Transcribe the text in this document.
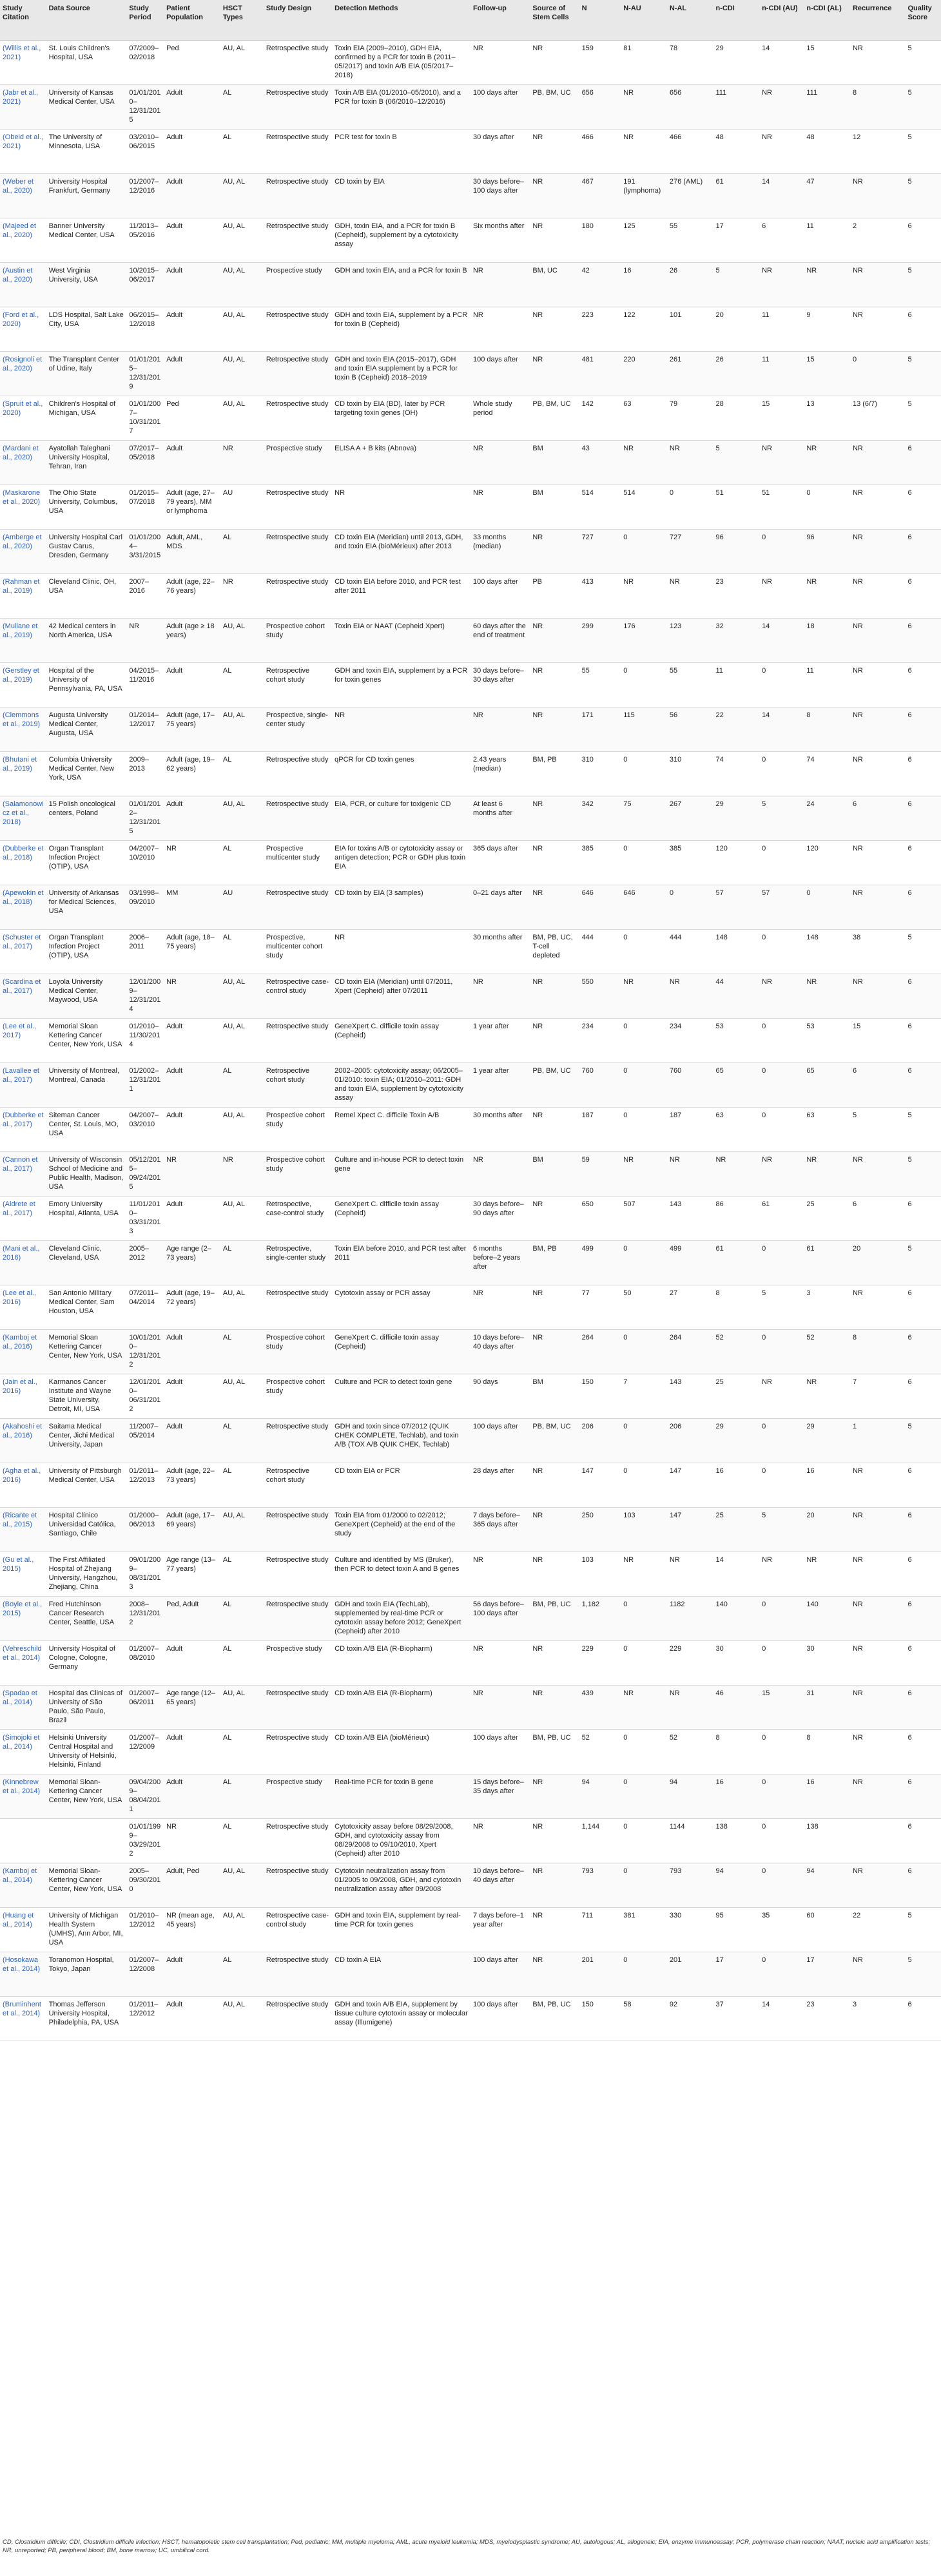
Study Citation	Data Source	Study Period	Patient Population	HSCT Types	Study Design	Detection Methods	Follow-up	Source of Stem Cells	N	N-AU	N-AL	n-CDI	n-CDI (AU)	n-CDI (AL)	Recurrence	Quality Score
(Willis et al., 2021)	St. Louis Children's Hospital, USA	07/2009–02/2018	Ped	AU, AL	Retrospective study	Toxin EIA (2009–2010), GDH EIA, confirmed by a PCR for toxin B (2011–05/2017) and toxin A/B EIA (05/2017–2018)	NR	NR	159	81	78	29	14	15	NR	5
(Jabr et al., 2021)	University of Kansas Medical Center, USA	01/01/2010–12/31/2015	Adult	AL	Retrospective study	Toxin A/B EIA (01/2010–05/2010), and a PCR for toxin B (06/2010–12/2016)	100 days after	PB, BM, UC	656	NR	656	111	NR	111	8	5
(Obeid et al., 2021)	The University of Minnesota, USA	03/2010–06/2015	Adult	AL	Retrospective study	PCR test for toxin B	30 days after	NR	466	NR	466	48	NR	48	12	5
(Weber et al., 2020)	University Hospital Frankfurt, Germany	01/2007–12/2016	Adult	AU, AL	Retrospective study	CD toxin by EIA	30 days before–100 days after	NR	467	191 (lymphoma)	276 (AML)	61	14	47	NR	5
(Majeed et al., 2020)	Banner University Medical Center, USA	11/2013–05/2016	Adult	AU, AL	Retrospective study	GDH, toxin EIA, and a PCR for toxin B (Cepheid), supplement by a cytotoxicity assay	Six months after	NR	180	125	55	17	6	11	2	6
(Austin et al., 2020)	West Virginia University, USA	10/2015–06/2017	Adult	AU, AL	Prospective study	GDH and toxin EIA, and a PCR for toxin B	NR	BM, UC	42	16	26	5	NR	NR	NR	5
(Ford et al., 2020)	LDS Hospital, Salt Lake City, USA	06/2015–12/2018	Adult	AU, AL	Retrospective study	GDH and toxin EIA, supplement by a PCR for toxin B (Cepheid)	NR	NR	223	122	101	20	11	9	NR	6
(Rosignoli et al., 2020)	The Transplant Center of Udine, Italy	01/01/2015–12/31/2019	Adult	AU, AL	Retrospective study	GDH and toxin EIA (2015–2017), GDH and toxin EIA supplement by a PCR for toxin B (Cepheid) 2018–2019	100 days after	NR	481	220	261	26	11	15	0	5
(Spruit et al., 2020)	Children's Hospital of Michigan, USA	01/01/2007–10/31/2017	Ped	AU, AL	Retrospective study	CD toxin by EIA (BD), later by PCR targeting toxin genes (OH)	Whole study period	PB, BM, UC	142	63	79	28	15	13	13 (6/7)	5
(Mardani et al., 2020)	Ayatollah Taleghani University Hospital, Tehran, Iran	07/2017–05/2018	Adult	NR	Prospective study	ELISA A + B kits (Abnova)	NR	BM	43	NR	NR	5	NR	NR	NR	6
(Maskarone et al., 2020)	The Ohio State University, Columbus, USA	01/2015–07/2018	Adult (age, 27–79 years), MM or lymphoma	AU	Retrospective study	NR	NR	BM	514	514	0	51	51	0	NR	6
(Amberge et al., 2020)	University Hospital Carl Gustav Carus, Dresden, Germany	01/01/2004–3/31/2015	Adult, AML, MDS	AL	Retrospective study	CD toxin EIA (Meridian) until 2013, GDH, and toxin EIA (bioMérieux) after 2013	33 months (median)	NR	727	0	727	96	0	96	NR	6
(Rahman et al., 2019)	Cleveland Clinic, OH, USA	2007–2016	Adult (age, 22–76 years)	NR	Retrospective study	CD toxin EIA before 2010, and PCR test after 2011	100 days after	PB	413	NR	NR	23	NR	NR	NR	6
(Mullane et al., 2019)	42 Medical centers in North America, USA	NR	Adult (age ≥ 18 years)	AU, AL	Prospective cohort study	Toxin EIA or NAAT (Cepheid Xpert)	60 days after the end of treatment	NR	299	176	123	32	14	18	NR	6
(Gerstley et al., 2019)	Hospital of the University of Pennsylvania, PA, USA	04/2015–11/2016	Adult	AL	Retrospective cohort study	GDH and toxin EIA, supplement by a PCR for toxin genes	30 days before–30 days after	NR	55	0	55	11	0	11	NR	6
(Clemmons et al., 2019)	Augusta University Medical Center, Augusta, USA	01/2014–12/2017	Adult (age, 17–75 years)	AU, AL	Prospective, single-center study	NR	NR	NR	171	115	56	22	14	8	NR	6
(Bhutani et al., 2019)	Columbia University Medical Center, New York, USA	2009–2013	Adult (age, 19–62 years)	AL	Retrospective study	qPCR for CD toxin genes	2.43 years (median)	BM, PB	310	0	310	74	0	74	NR	6
(Salamonowicz et al., 2018)	15 Polish oncological centers, Poland	01/01/2012–12/31/2015	Adult	AU, AL	Retrospective study	EIA, PCR, or culture for toxigenic CD	At least 6 months after	NR	342	75	267	29	5	24	6	6
(Dubberke et al., 2018)	Organ Transplant Infection Project (OTIP), USA	04/2007–10/2010	NR	AL	Prospective multicenter study	EIA for toxins A/B or cytotoxicity assay or antigen detection; PCR or GDH plus toxin EIA	365 days after	NR	385	0	385	120	0	120	NR	6
(Apewokin et al., 2018)	University of Arkansas for Medical Sciences, USA	03/1998–09/2010	MM	AU	Retrospective study	CD toxin by EIA (3 samples)	0–21 days after	NR	646	646	0	57	57	0	NR	6
(Schuster et al., 2017)	Organ Transplant Infection Project (OTIP), USA	2006–2011	Adult (age, 18–75 years)	AL	Prospective, multicenter cohort study	NR	30 months after	BM, PB, UC, T-cell depleted	444	0	444	148	0	148	38	5
(Scardina et al., 2017)	Loyola University Medical Center, Maywood, USA	12/01/2009–12/31/2014	NR	AU, AL	Retrospective case-control study	CD toxin EIA (Meridian) until 07/2011, Xpert (Cepheid) after 07/2011	NR	NR	550	NR	NR	44	NR	NR	NR	6
(Lee et al., 2017)	Memorial Sloan Kettering Cancer Center, New York, USA	01/2010–11/30/2014	Adult	AU, AL	Retrospective study	GeneXpert C. difficile toxin assay (Cepheid)	1 year after	NR	234	0	234	53	0	53	15	6
(Lavallee et al., 2017)	University of Montreal, Montreal, Canada	01/2002–12/31/2011	Adult	AL	Retrospective cohort study	2002–2005: cytotoxicity assay; 06/2005–01/2010: toxin EIA; 01/2010–2011: GDH and toxin EIA, supplement by cytotoxicity assay	1 year after	PB, BM, UC	760	0	760	65	0	65	6	6
(Dubberke et al., 2017)	Siteman Cancer Center, St. Louis, MO, USA	04/2007–03/2010	Adult	AU, AL	Prospective cohort study	Remel Xpect C. difficile Toxin A/B	30 months after	NR	187	0	187	63	0	63	5	5
(Cannon et al., 2017)	University of Wisconsin School of Medicine and Public Health, Madison, USA	05/12/2015–09/24/2015	NR	NR	Prospective cohort study	Culture and in-house PCR to detect toxin gene	NR	BM	59	NR	NR	NR	NR	NR	NR	5
(Aldrete et al., 2017)	Emory University Hospital, Atlanta, USA	11/01/2010–03/31/2013	Adult	AU, AL	Retrospective, case-control study	GeneXpert C. difficile toxin assay (Cepheid)	30 days before–90 days after	NR	650	507	143	86	61	25	6	6
(Mani et al., 2016)	Cleveland Clinic, Cleveland, USA	2005–2012	Age range (2–73 years)	AL	Retrospective, single-center study	Toxin EIA before 2010, and PCR test after 2011	6 months before–2 years after	BM, PB	499	0	499	61	0	61	20	5
(Lee et al., 2016)	San Antonio Military Medical Center, Sam Houston, USA	07/2011–04/2014	Adult (age, 19–72 years)	AU, AL	Retrospective study	Cytotoxin assay or PCR assay	NR	NR	77	50	27	8	5	3	NR	6
(Kamboj et al., 2016)	Memorial Sloan Kettering Cancer Center, New York, USA	10/01/2010–12/31/2012	Adult	AL	Prospective cohort study	GeneXpert C. difficile toxin assay (Cepheid)	10 days before–40 days after	NR	264	0	264	52	0	52	8	6
(Jain et al., 2016)	Karmanos Cancer Institute and Wayne State University, Detroit, MI, USA	12/01/2010–06/31/2012	Adult	AU, AL	Prospective cohort study	Culture and PCR to detect toxin gene	90 days	BM	150	7	143	25	NR	NR	7	6
(Akahoshi et al., 2016)	Saitama Medical Center, Jichi Medical University, Japan	11/2007–05/2014	Adult	AL	Retrospective study	GDH and toxin since 07/2012 (QUIK CHEK COMPLETE, Techlab), and toxin A/B (TOX A/B QUIK CHEK, Techlab)	100 days after	PB, BM, UC	206	0	206	29	0	29	1	5
(Agha et al., 2016)	University of Pittsburgh Medical Center, USA	01/2011–12/2013	Adult (age, 22–73 years)	AL	Retrospective cohort study	CD toxin EIA or PCR	28 days after	NR	147	0	147	16	0	16	NR	6
(Ricante et al., 2015)	Hospital Clínico Universidad Católica, Santiago, Chile	01/2000–06/2013	Adult (age, 17–69 years)	AU, AL	Retrospective study	Toxin EIA from 01/2000 to 02/2012; GeneXpert (Cepheid) at the end of the study	7 days before–365 days after	NR	250	103	147	25	5	20	NR	6
(Gu et al., 2015)	The First Affiliated Hospital of Zhejiang University, Hangzhou, Zhejiang, China	09/01/2009–08/31/2013	Age range (13–77 years)	AL	Retrospective study	Culture and identified by MS (Bruker), then PCR to detect toxin A and B genes	NR	NR	103	NR	NR	14	NR	NR	NR	6
(Boyle et al., 2015)	Fred Hutchinson Cancer Research Center, Seattle, USA	2008–12/31/2012	Ped, Adult	AL	Retrospective study	GDH and toxin EIA (TechLab), supplemented by real-time PCR or cytotoxin assay before 2012; GeneXpert (Cepheid) after 2010	56 days before–100 days after	BM, PB, UC	1,182	0	1182	140	0	140	NR	6
(Vehreschild et al., 2014)	University Hospital of Cologne, Cologne, Germany	01/2007–08/2010	Adult	AL	Prospective study	CD toxin A/B EIA (R-Biopharm)	NR	NR	229	0	229	30	0	30	NR	6
(Spadao et al., 2014)	Hospital das Clinicas of University of São Paulo, São Paulo, Brazil	01/2007–06/2011	Age range (12–65 years)	AU, AL	Retrospective study	CD toxin A/B EIA (R-Biopharm)	NR	NR	439	NR	NR	46	15	31	NR	6
(Simojoki et al., 2014)	Helsinki University Central Hospital and University of Helsinki, Helsinki, Finland	01/2007–12/2009	Adult	AL	Retrospective study	CD toxin A/B EIA (bioMérieux)	100 days after	BM, PB, UC	52	0	52	8	0	8	NR	6
(Kinnebrew et al., 2014)	Memorial Sloan-Kettering Cancer Center, New York, USA	09/04/2009–08/04/2011	Adult	AL	Prospective study	Real-time PCR for toxin B gene	15 days before–35 days after	NR	94	0	94	16	0	16	NR	6
		01/01/1999–03/29/2012	NR	AL	Retrospective study	Cytotoxicity assay before 08/29/2008, GDH, and cytotoxicity assay from 08/29/2008 to 09/10/2010, Xpert (Cepheid) after 2010	NR	NR	1,144	0	1144	138	0	138		6
(Kamboj et al., 2014)	Memorial Sloan-Kettering Cancer Center, New York, USA	2005–09/30/2010	Adult, Ped	AU, AL	Retrospective study	Cytotoxin neutralization assay from 01/2005 to 09/2008, GDH, and cytotoxin neutralization assay after 09/2008	10 days before–40 days after	NR	793	0	793	94	0	94	NR	6
(Huang et al., 2014)	University of Michigan Health System (UMHS), Ann Arbor, MI, USA	01/2010–12/2012	NR (mean age, 45 years)	AU, AL	Retrospective case-control study	GDH and toxin EIA, supplement by real-time PCR for toxin genes	7 days before–1 year after	NR	711	381	330	95	35	60	22	5
(Hosokawa et al., 2014)	Toranomon Hospital, Tokyo, Japan	01/2007–12/2008	Adult	AL	Retrospective study	CD toxin A EIA	100 days after	NR	201	0	201	17	0	17	NR	5
(Bruminhent et al., 2014)	Thomas Jefferson University Hospital, Philadelphia, PA, USA	01/2011–12/2012	Adult	AU, AL	Retrospective study	GDH and toxin A/B EIA, supplement by tissue culture cytotoxin assay or molecular assay (Illumigene)	100 days after	BM, PB, UC	150	58	92	37	14	23	3	6
CD, Clostridium difficile; CDI, Clostridium difficile infection; HSCT, hematopoietic stem cell transplantation; Ped, pediatric; MM, multiple myeloma; AML, acute myeloid leukemia; MDS, myelodysplastic syndrome; AU, autologous; AL, allogeneic; EIA, enzyme immunoassay; PCR, polymerase chain reaction; NAAT, nucleic acid amplification tests; NR, unreported; PB, peripheral blood; BM, bone marrow; UC, umbilical cord.
